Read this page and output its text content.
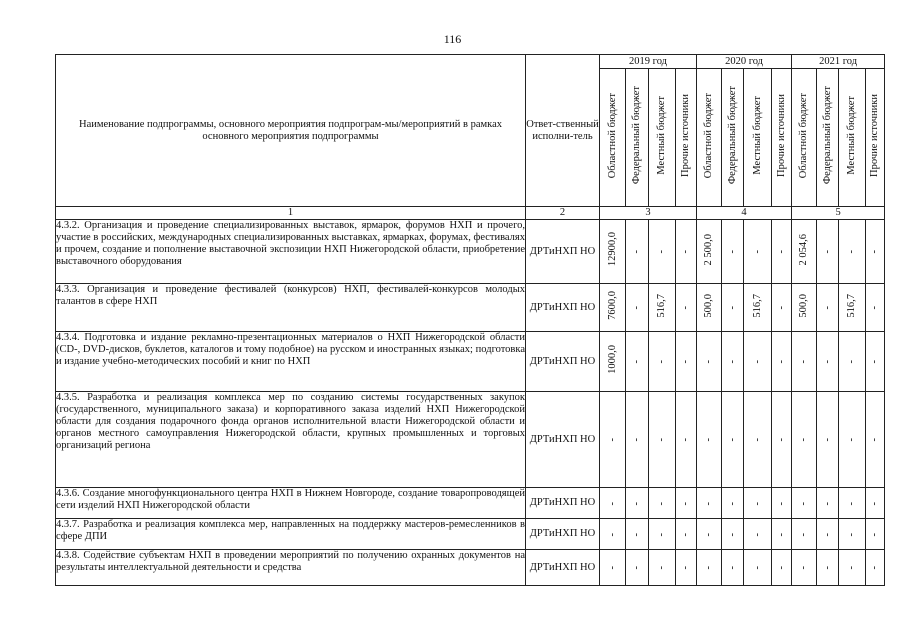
116
Наименование подпрограммы, основного мероприятия подпрограм-мы/мероприятий в рамках основного мероприятия подпрограммы	Ответ-ственный исполни-тель	2019 год				2020 год				2021 год			
		Областной бюджет	Федеральный бюджет	Местный бюджет	Прочие источники	Областной бюджет	Федеральный бюджет	Местный бюджет	Прочие источники	Областной бюджет	Федеральный бюджет	Местный бюджет	Прочие источники
1	2	3				4				5			
4.3.2. Организация и проведение специализированных выставок, ярмарок, форумов НХП и прочего, участие в российских, международных специализированных выставках, ярмарках, форумах, фестивалях и прочем, создание и пополнение выставочной экспозиции НХП Нижегородской области, приобретение выставочного оборудования	ДРТиНХП НО	12900,0	-	-	-	2 500,0	-	-	-	2 054,6	-	-	-
4.3.3. Организация и проведение фестивалей (конкурсов) НХП, фестивалей-конкурсов молодых талантов в сфере НХП	ДРТиНХП НО	7600,0	-	516,7	-	500,0	-	516,7	-	500,0	-	516,7	-
4.3.4. Подготовка и издание рекламно-презентационных материалов о НХП Нижегородской области (CD-, DVD-дисков, буклетов, каталогов и тому подобное) на русском и иностранных языках; подготовка и издание учебно-методических пособий и книг по НХП	ДРТиНХП НО	1000,0	-	-	-	-	-	-	-	-	-	-	-
4.3.5. Разработка и реализация комплекса мер по созданию системы государственных закупок (государственного, муниципального заказа) и корпоративного заказа изделий НХП Нижегородской области для создания подарочного фонда органов исполнительной власти Нижегородской области и органов местного самоуправления Нижегородской области, крупных промышленных и торговых организаций региона	ДРТиНХП НО	-	-	-	-	-	-	-	-	-	-	-	-
4.3.6. Создание многофункционального центра НХП в Нижнем Новгороде, создание товаропроводящей сети изделий НХП Нижегородской области	ДРТиНХП НО	-	-	-	-	-	-	-	-	-	-	-	-
4.3.7. Разработка и реализация комплекса мер, направленных на поддержку мастеров-ремесленников в сфере ДПИ	ДРТиНХП НО	-	-	-	-	-	-	-	-	-	-	-	-
4.3.8. Содействие субъектам НХП в проведении мероприятий по получению охранных документов на результаты интеллектуальной деятельности и средства	ДРТиНХП НО	-	-	-	-	-	-	-	-	-	-	-	-
